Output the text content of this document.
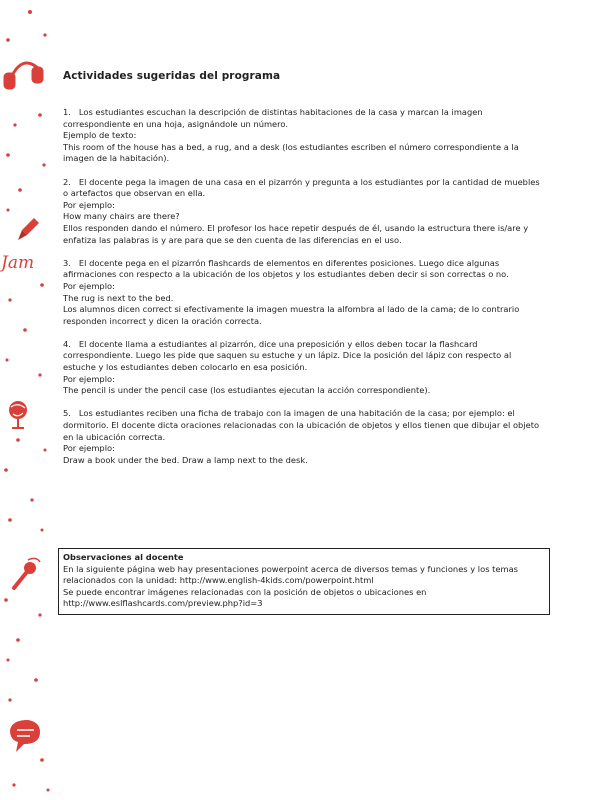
Jam
Actividades sugeridas del programa
1. Los estudiantes escuchan la descripción de distintas habitaciones de la casa y marcan la imagen correspondiente en una hoja, asignándole un número.
Ejemplo de texto:
This room of the house has a bed, a rug, and a desk (los estudiantes escriben el número correspondiente a la imagen de la habitación).
2. El docente pega la imagen de una casa en el pizarrón y pregunta a los estudiantes por la cantidad de muebles o artefactos que observan en ella.
Por ejemplo:
How many chairs are there?
Ellos responden dando el número. El profesor los hace repetir después de él, usando la estructura there is/are y enfatiza las palabras is y are para que se den cuenta de las diferencias en el uso.
3. El docente pega en el pizarrón flashcards de elementos en diferentes posiciones. Luego dice algunas afirmaciones con respecto a la ubicación de los objetos y los estudiantes deben decir si son correctas o no.
Por ejemplo:
The rug is next to the bed.
Los alumnos dicen correct si efectivamente la imagen muestra la alfombra al lado de la cama; de lo contrario responden incorrect y dicen la oración correcta.
4. El docente llama a estudiantes al pizarrón, dice una preposición y ellos deben tocar la flashcard correspondiente. Luego les pide que saquen su estuche y un lápiz. Dice la posición del lápiz con respecto al estuche y los estudiantes deben colocarlo en esa posición.
Por ejemplo:
The pencil is under the pencil case (los estudiantes ejecutan la acción correspondiente).
5. Los estudiantes reciben una ficha de trabajo con la imagen de una habitación de la casa; por ejemplo: el dormitorio. El docente dicta oraciones relacionadas con la ubicación de objetos y ellos tienen que dibujar el objeto en la ubicación correcta.
Por ejemplo:
Draw a book under the bed. Draw a lamp next to the desk.
Observaciones al docente
En la siguiente página web hay presentaciones powerpoint acerca de diversos temas y funciones y los temas relacionados con la unidad: http://www.english-4kids.com/powerpoint.html
Se puede encontrar imágenes relacionadas con la posición de objetos o ubicaciones en http://www.eslflashcards.com/preview.php?id=3
